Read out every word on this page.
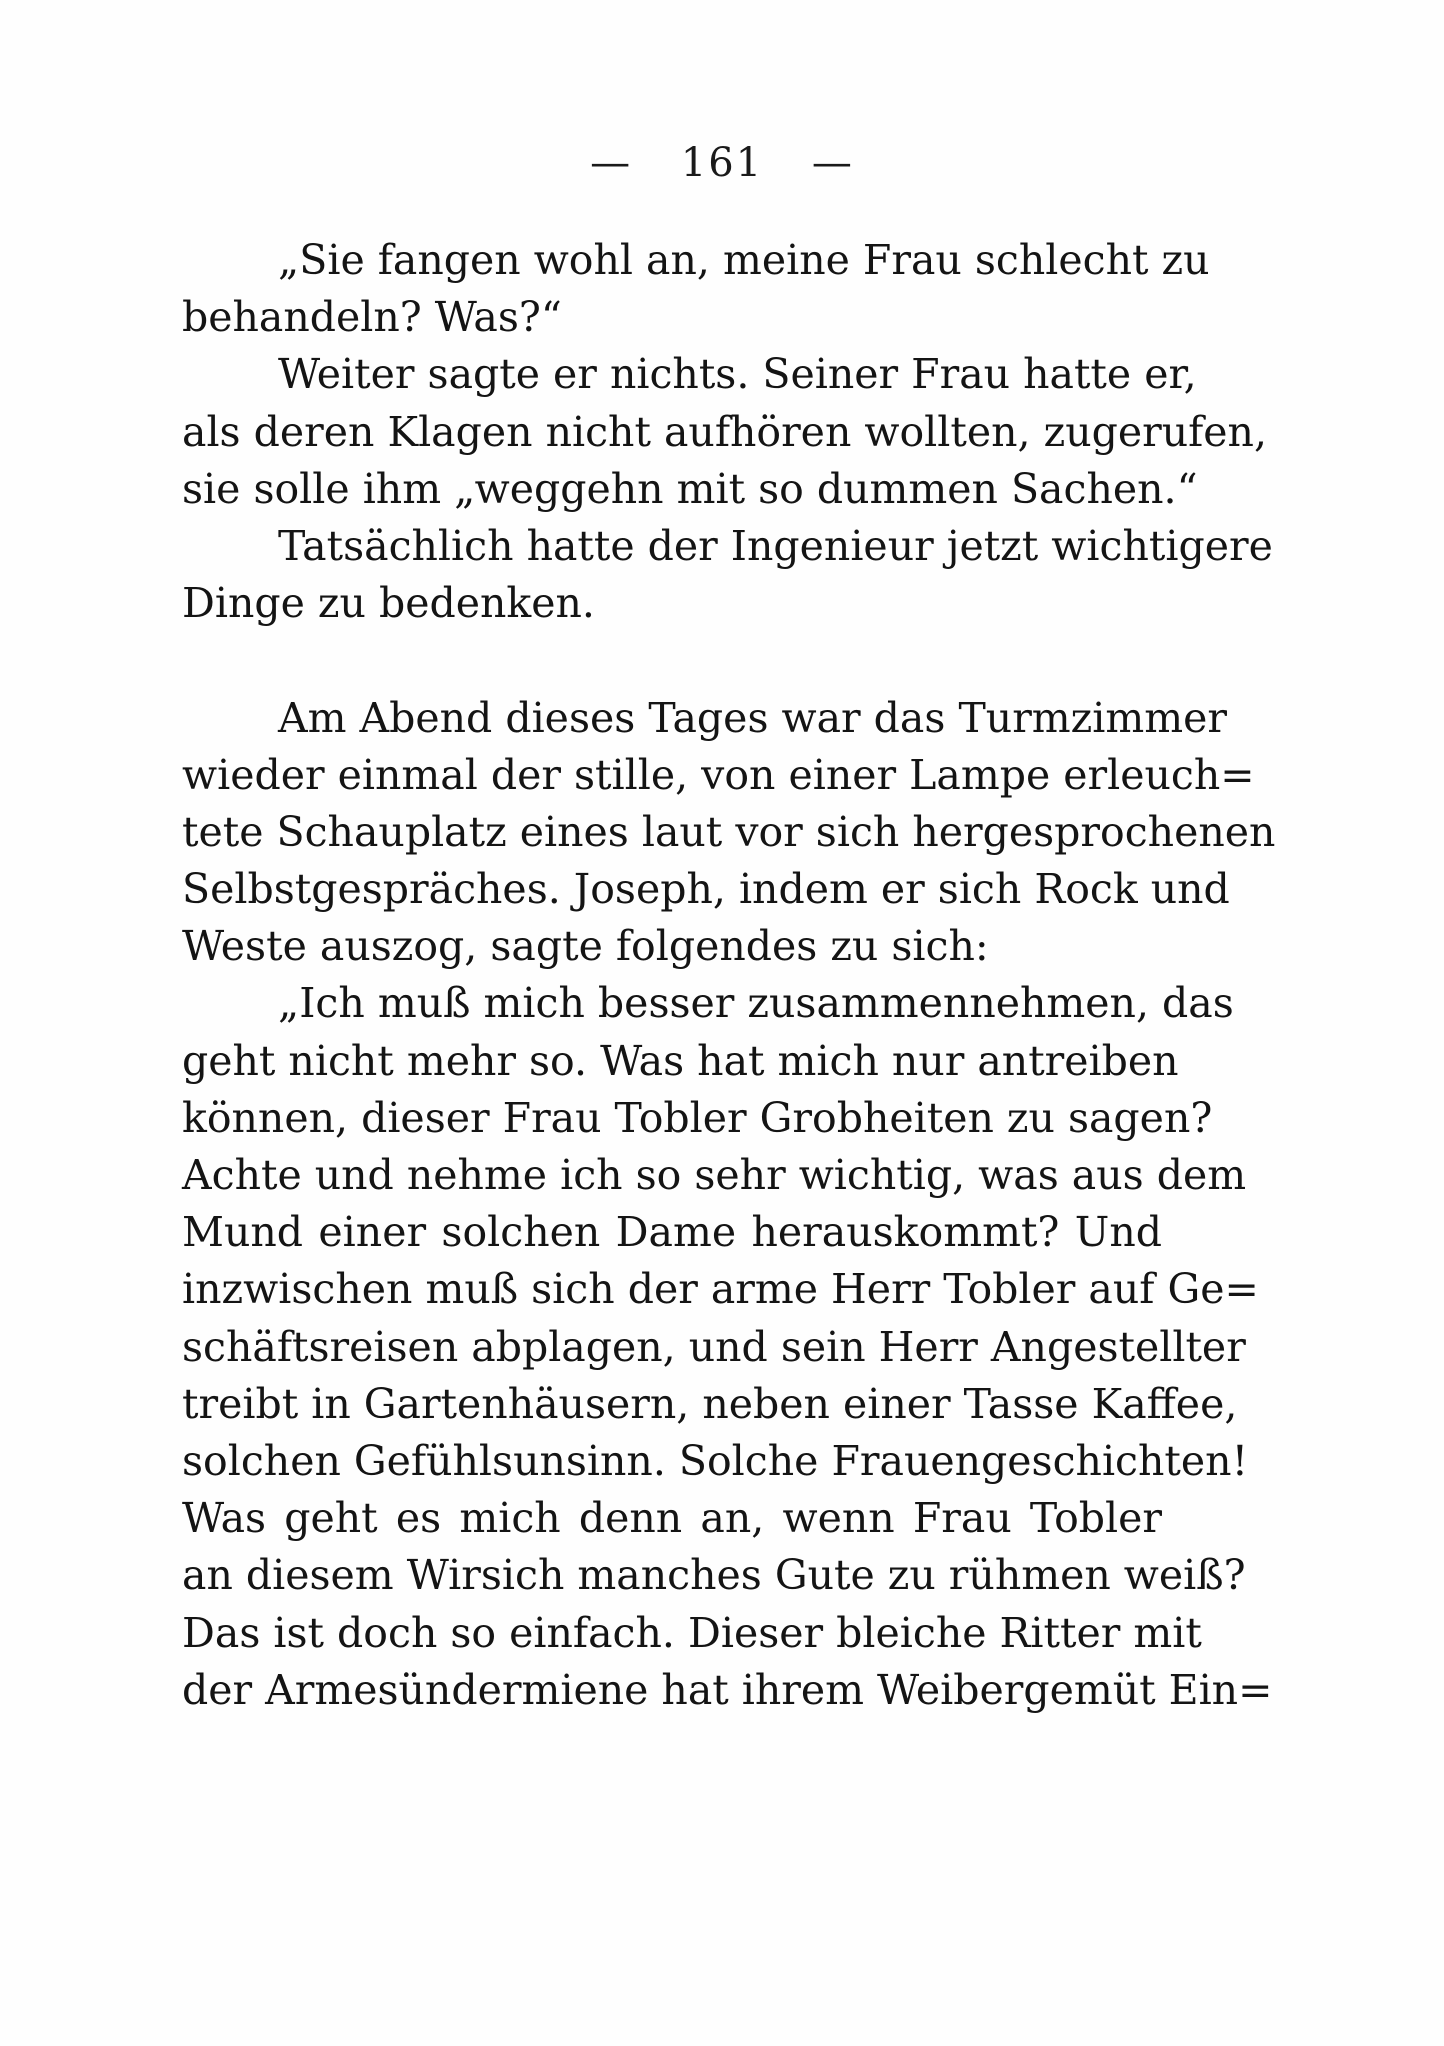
— 161 —
„Sie fangen wohl an, meine Frau schlecht zu
behandeln? Was?“
Weiter sagte er nichts. Seiner Frau hatte er,
als deren Klagen nicht aufhören wollten, zugerufen,
sie solle ihm „weggehn mit so dummen Sachen.“
Tatsächlich hatte der Ingenieur jetzt wichtigere
Dinge zu bedenken.
Am Abend dieses Tages war das Turmzimmer
wieder einmal der stille, von einer Lampe erleuch=
tete Schauplatz eines laut vor sich hergesprochenen
Selbstgespräches. Joseph, indem er sich Rock und
Weste auszog, sagte folgendes zu sich:
„Ich muß mich besser zusammennehmen, das
geht nicht mehr so. Was hat mich nur antreiben
können, dieser Frau Tobler Grobheiten zu sagen?
Achte und nehme ich so sehr wichtig, was aus dem
Mund einer solchen Dame herauskommt? Und
inzwischen muß sich der arme Herr Tobler auf Ge=
schäftsreisen abplagen, und sein Herr Angestellter
treibt in Gartenhäusern, neben einer Tasse Kaffee,
solchen Gefühlsunsinn. Solche Frauengeschichten!
Was geht es mich denn an, wenn Frau Tobler
an diesem Wirsich manches Gute zu rühmen weiß?
Das ist doch so einfach. Dieser bleiche Ritter mit
der Armesündermiene hat ihrem Weibergemüt Ein=
